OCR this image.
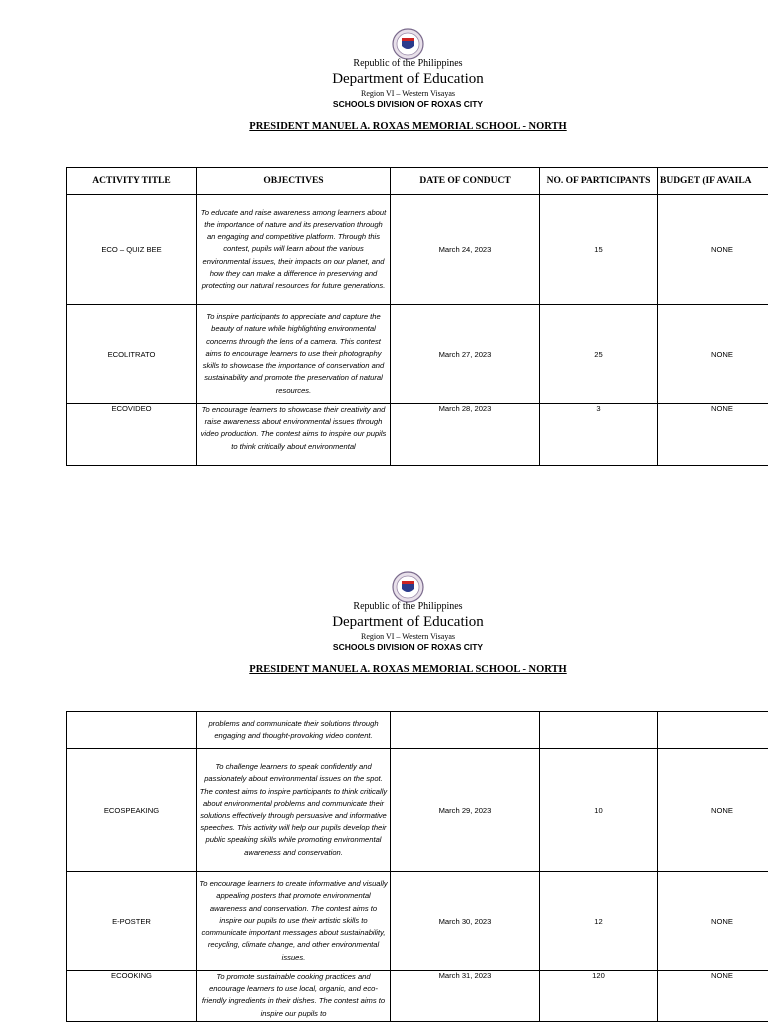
Republic of the Philippines
Department of Education
Region VI – Western Visayas
SCHOOLS DIVISION OF ROXAS CITY
PRESIDENT MANUEL A. ROXAS MEMORIAL SCHOOL - NORTH
ACTIVITY TITLE	OBJECTIVES	DATE OF CONDUCT	NO. OF PARTICIPANTS	BUDGET (IF AVAILA
ECO – QUIZ BEE	To educate and raise awareness among learners about the importance of nature and its preservation through an engaging and competitive platform. Through this contest, pupils will learn about the various environmental issues, their impacts on our planet, and how they can make a difference in preserving and protecting our natural resources for future generations.	March 24, 2023	15	NONE
ECOLITRATO	To inspire participants to appreciate and capture the beauty of nature while highlighting environmental concerns through the lens of a camera. This contest aims to encourage learners to use their photography skills to showcase the importance of conservation and sustainability and promote the preservation of natural resources.	March 27, 2023	25	NONE
ECOVIDEO	To encourage learners to showcase their creativity and raise awareness about environmental issues through video production. The contest aims to inspire our pupils to think critically about environmental	March 28, 2023	3	NONE
Republic of the Philippines
Department of Education
Region VI – Western Visayas
SCHOOLS DIVISION OF ROXAS CITY
PRESIDENT MANUEL A. ROXAS MEMORIAL SCHOOL - NORTH
	problems and communicate their solutions through engaging and thought-provoking video content.			
ECOSPEAKING	To challenge learners to speak confidently and passionately about environmental issues on the spot. The contest aims to inspire participants to think critically about environmental problems and communicate their solutions effectively through persuasive and informative speeches. This activity will help our pupils develop their public speaking skills while promoting environmental awareness and conservation.	March 29, 2023	10	NONE
E-POSTER	To encourage learners to create informative and visually appealing posters that promote environmental awareness and conservation. The contest aims to inspire our pupils to use their artistic skills to communicate important messages about sustainability, recycling, climate change, and other environmental issues.	March 30, 2023	12	NONE
ECOOKING	To promote sustainable cooking practices and encourage learners to use local, organic, and eco-friendly ingredients in their dishes. The contest aims to inspire our pupils to	March 31, 2023	120	NONE
